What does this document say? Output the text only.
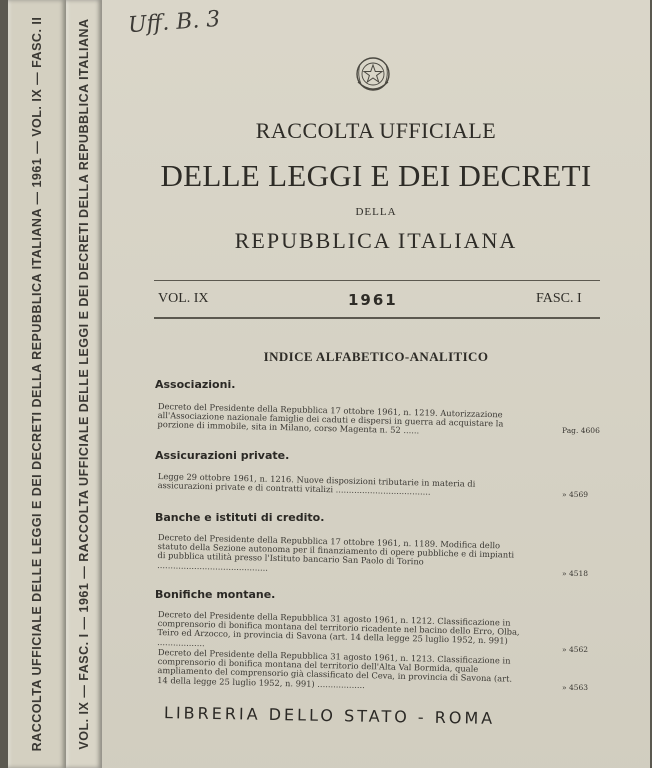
RACCOLTA UFFICIALE DELLE LEGGI E DEI DECRETI DELLA REPUBBLICA ITALIANA — 1961 — VOL. IX — FASC. II	VOL. IX — FASC. I — 1961 — RACCOLTA UFFICIALE DELLE LEGGI E DEI DECRETI DELLA REPUBBLICA ITALIANA Uff. B. 3
RACCOLTA UFFICIALE
DELLE LEGGI E DEI DECRETI
DELLA
REPUBBLICA ITALIANA
VOL. IX	1961	FASC. I
INDICE ALFABETICO-ANALITICO
Associazioni.
Decreto del Presidente della Repubblica 17 ottobre 1961, n. 1219. Autorizzazione all'Associazione nazionale famiglie dei caduti e dispersi in guerra ad acquistare la porzione di immobile, sita in Milano, corso Magenta n. 52 ......	Pag. 4606
Assicurazioni private.
Legge 29 ottobre 1961, n. 1216. Nuove disposizioni tributarie in materia di assicurazioni private e di contratti vitalizi ....................................	» 4569
Banche e istituti di credito.
Decreto del Presidente della Repubblica 17 ottobre 1961, n. 1189. Modifica dello statuto della Sezione autonoma per il finanziamento di opere pubbliche e di impianti di pubblica utilità presso l'Istituto bancario San Paolo di Torino ..........................................
» 4518
Bonifiche montane.
Decreto del Presidente della Repubblica 31 agosto 1961, n. 1212. Classificazione in comprensorio di bonifica montana del territorio ricadente nel bacino dello Erro, Olba, Teiro ed Arzocco, in provincia di Savona (art. 14 della legge 25 luglio 1952, n. 991) ..................
» 4562
Decreto del Presidente della Repubblica 31 agosto 1961, n. 1213. Classificazione in comprensorio di bonifica montana del territorio dell'Alta Val Bormida, quale ampliamento del comprensorio già classificato del Ceva, in provincia di Savona (art. 14 della legge 25 luglio 1952, n. 991) ..................	» 4563
LIBRERIA DELLO STATO - ROMA
